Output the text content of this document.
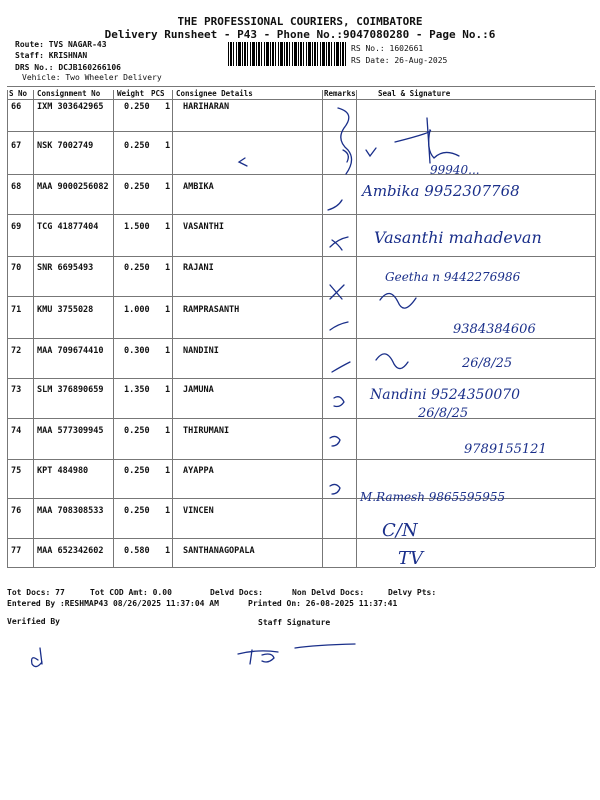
THE PROFESSIONAL COURIERS, COIMBATORE
Delivery Runsheet - P43 - Phone No.:9047080280 - Page No.:6
Route: TVS NAGAR-43
Staff: KRISHNAN
DRS No.: DCJB160266106
Vehicle: Two Wheeler Delivery
RS No.: 1602661
RS Date: 26-Aug-2025
S No Consignment No Weight PCS Consignee Details	Remarks	Seal & Signature
66 IXM 303642965 0.250 1 HARIHARAN
67 NSK 7002749	0.250 1
68 MAA 9000256082 0.250 1 AMBIKA
69 TCG 41877404	1.500 1 VASANTHI
70 SNR 6695493	0.250 1 RAJANI
71 KMU 3755028	1.000 1 RAMPRASANTH
72 MAA 709674410 0.300 1 NANDINI
73 SLM 376890659 1.350 1 JAMUNA
74 MAA 577309945 0.250 1 THIRUMANI
75 KPT 484980	0.250 1 AYAPPA
76 MAA 708308533 0.250 1 VINCEN
77 MAA 652342602 0.580 1 SANTHANAGOPALA
Ambika 9952307768
99940...
Vasanthi mahadevan
Geetha n 9442276986
9384384606
26/8/25
Nandini 9524350070
26/8/25
9789155121
M.Ramesh 9865595955
C/N
TV
Tot Docs: 77	Tot COD Amt: 0.00	Delvd Docs:	Non Delvd Docs:	Delvy Pts:
Entered By :RESHMAP43 08/26/2025 11:37:04 AM	Printed On: 26-08-2025 11:37:41
Verified By	Staff Signature
